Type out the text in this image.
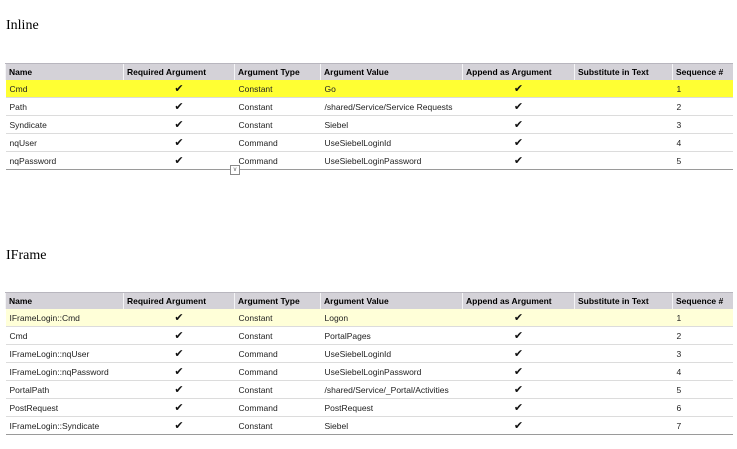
Inline
Name	Required Argument	Argument Type	Argument Value	Append as Argument	Substitute in Text	Sequence #
Cmd	✔	Constant	Go	✔		1
Path	✔	Constant	/shared/Service/Service Requests	✔		2
Syndicate	✔	Constant	Siebel	✔		3
nqUser	✔	Command	UseSiebelLoginId	✔		4
nqPassword	✔	Command	UseSiebelLoginPassword	✔		5
v
IFrame
Name	Required Argument	Argument Type	Argument Value	Append as Argument	Substitute in Text	Sequence #
IFrameLogin::Cmd	✔	Constant	Logon	✔		1
Cmd	✔	Constant	PortalPages	✔		2
IFrameLogin::nqUser	✔	Command	UseSiebelLoginId	✔		3
IFrameLogin::nqPassword	✔	Command	UseSiebelLoginPassword	✔		4
PortalPath	✔	Constant	/shared/Service/_Portal/Activities	✔		5
PostRequest	✔	Command	PostRequest	✔		6
IFrameLogin::Syndicate	✔	Constant	Siebel	✔		7
